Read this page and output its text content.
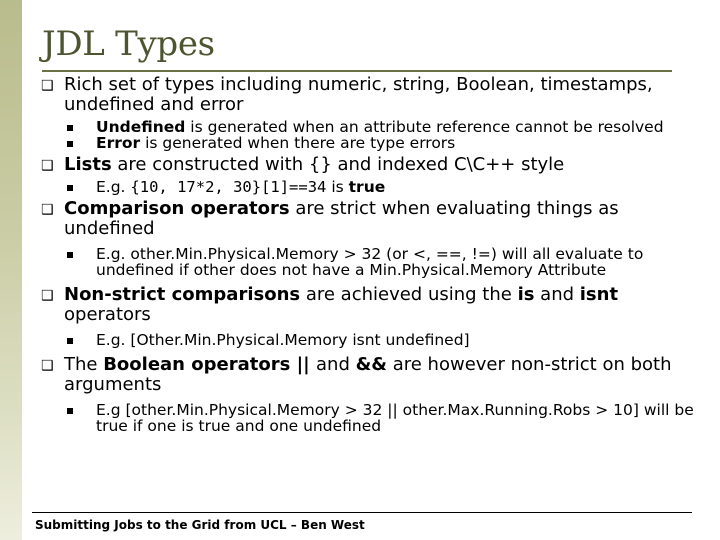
JDL Types
❑ Rich set of types including numeric, string, Boolean, timestamps, undefined and error
Undefined is generated when an attribute reference cannot be resolved
Error is generated when there are type errors
❑ Lists are constructed with {} and indexed C\C++ style
E.g. {10, 17*2, 30}[1]==34 is true
❑ Comparison operators are strict when evaluating things as undefined
E.g. other.Min.Physical.Memory > 32 (or <, ==, !=) will all evaluate to undefined if other does not have a Min.Physical.Memory Attribute
❑ Non-strict comparisons are achieved using the is and isnt operators
E.g. [Other.Min.Physical.Memory isnt undefined]
❑ The Boolean operators || and && are however non-strict on both arguments
E.g [other.Min.Physical.Memory > 32 || other.Max.Running.Robs > 10] will be true if one is true and one undefined
Submitting Jobs to the Grid from UCL – Ben West
